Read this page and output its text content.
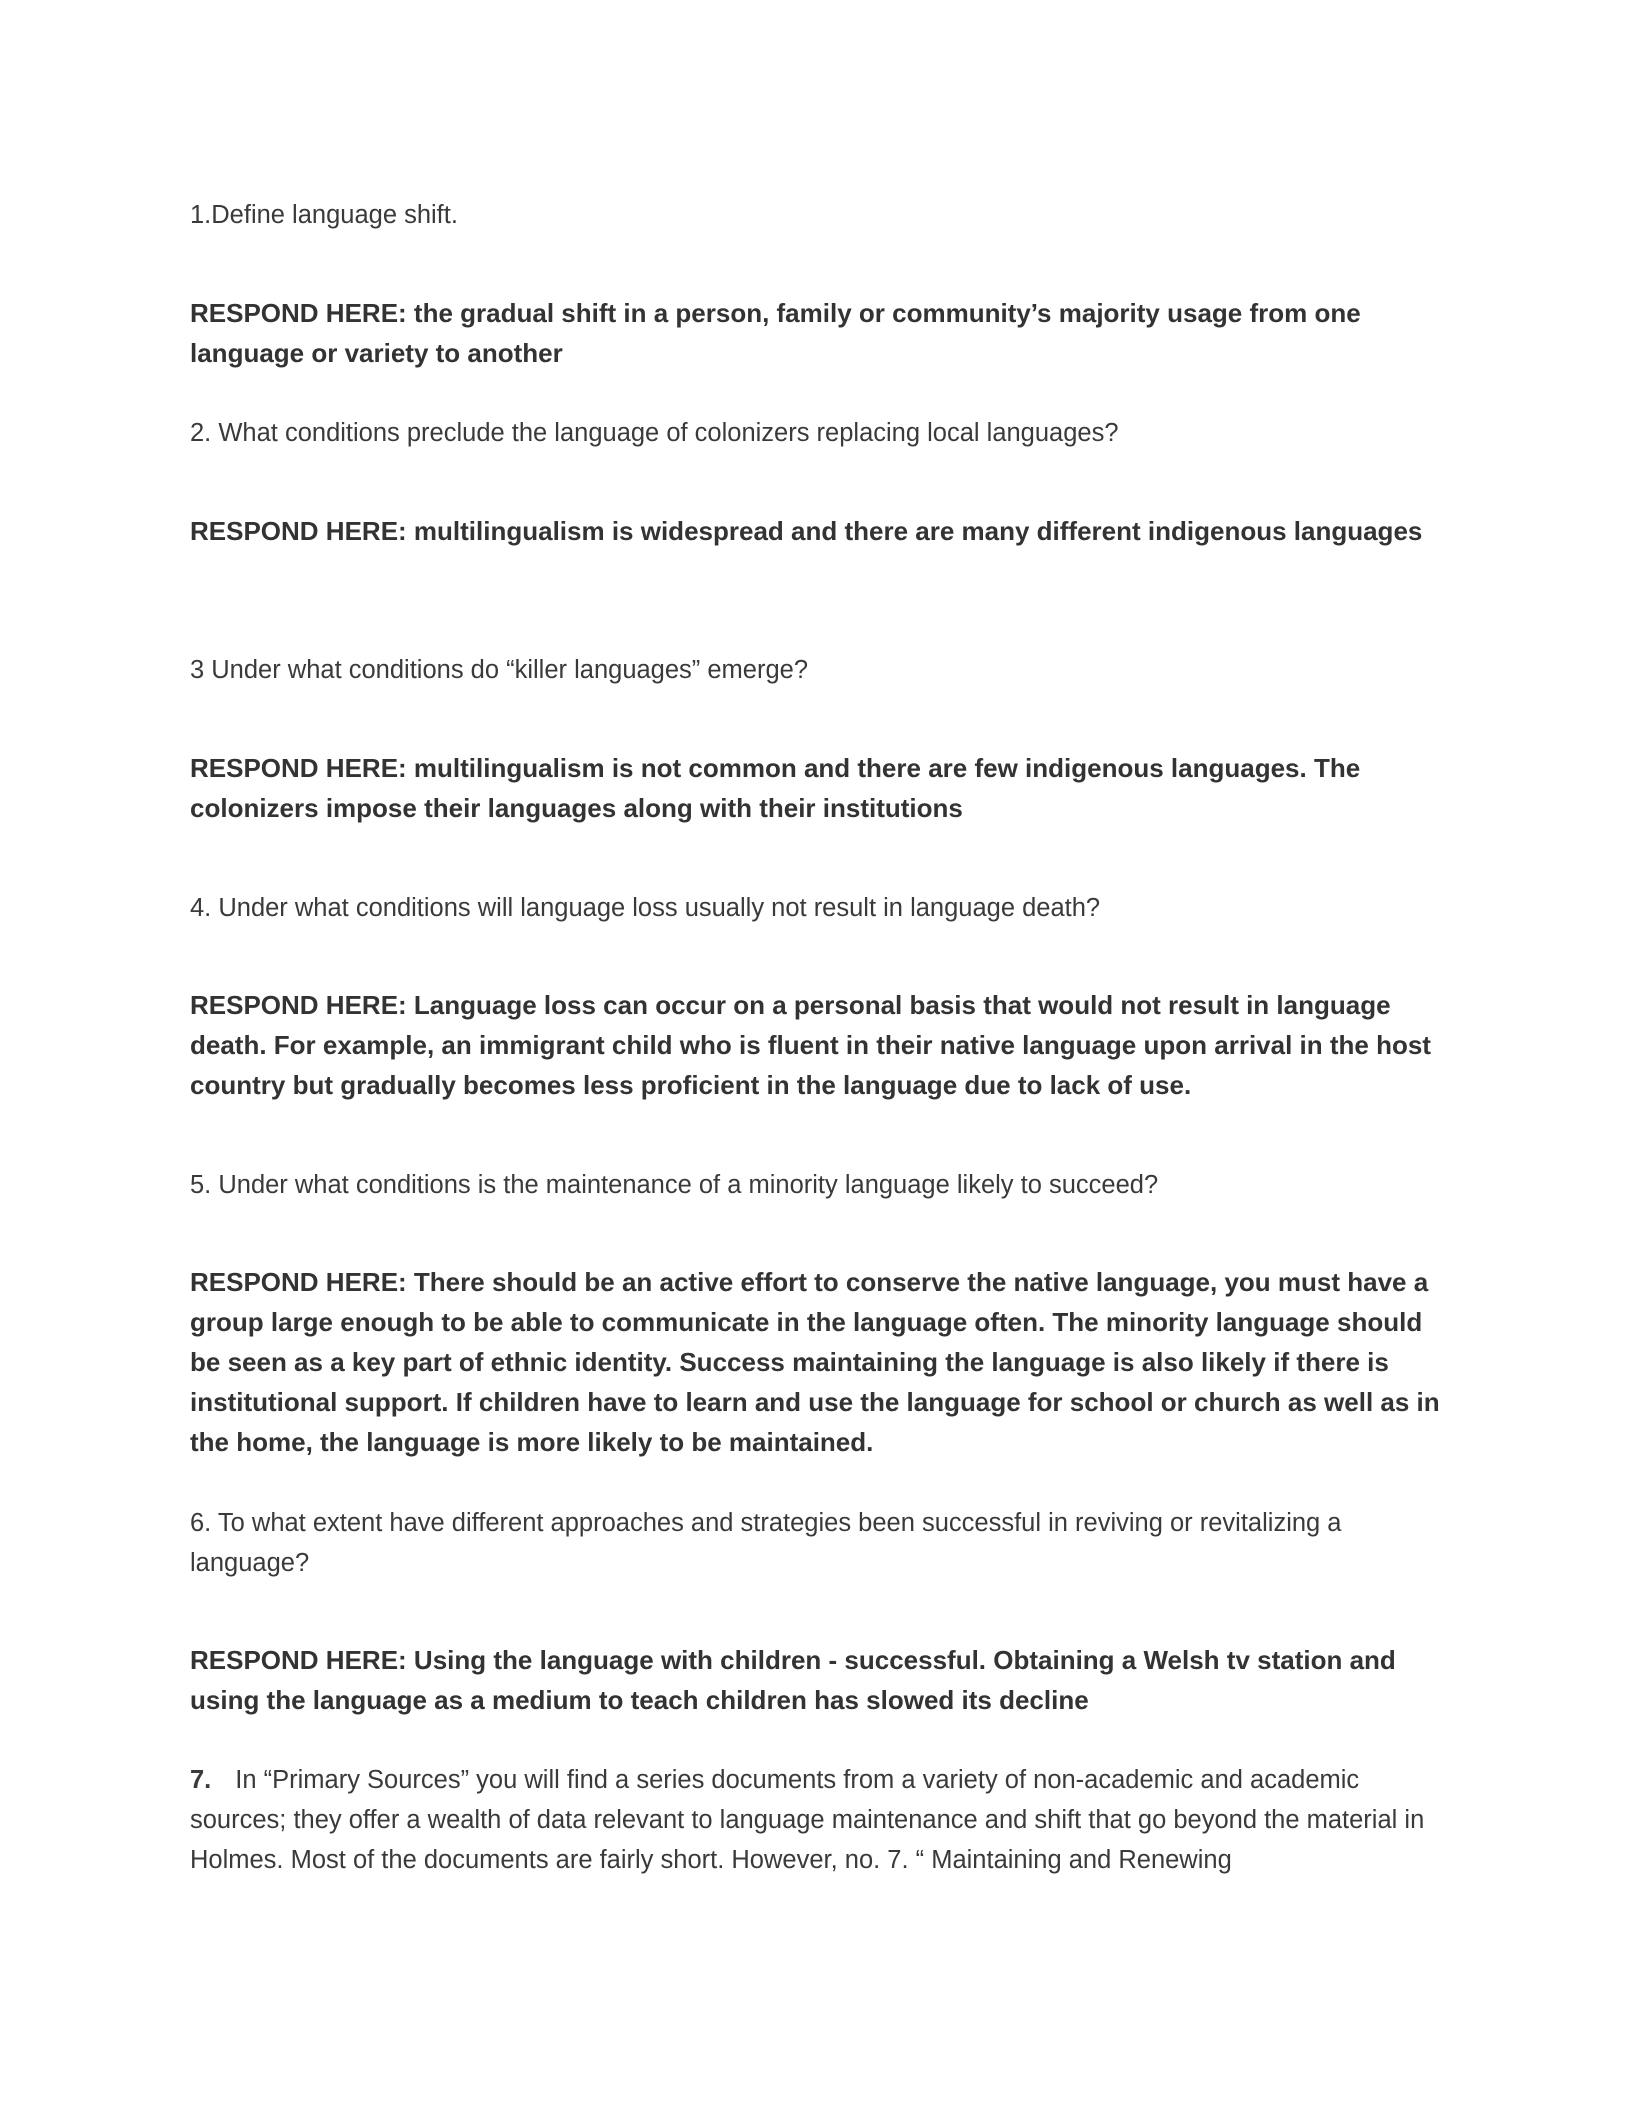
1.Define language shift.

RESPOND HERE: the gradual shift in a person, family or community’s majority usage from one language or variety to another

2. What conditions preclude the language of colonizers replacing local languages?

RESPOND HERE: multilingualism is widespread and there are many different indigenous languages

3 Under what conditions do “killer languages” emerge?

RESPOND HERE: multilingualism is not common and there are few indigenous languages. The colonizers impose their languages along with their institutions

4. Under what conditions will language loss usually not result in language death?

RESPOND HERE: Language loss can occur on a personal basis that would not result in language death. For example, an immigrant child who is fluent in their native language upon arrival in the host country but gradually becomes less proficient in the language due to lack of use.

5. Under what conditions is the maintenance of a minority language likely to succeed?

RESPOND HERE: There should be an active effort to conserve the native language, you must have a group large enough to be able to communicate in the language often. The minority language should be seen as a key part of ethnic identity. Success maintaining the language is also likely if there is institutional support. If children have to learn and use the language for school or church as well as in the home, the language is more likely to be maintained.

6. To what extent have different approaches and strategies been successful in reviving or revitalizing a language?

RESPOND HERE: Using the language with children - successful. Obtaining a Welsh tv station and using the language as a medium to teach children has slowed its decline

7. In “Primary Sources” you will find a series documents from a variety of non-academic and academic sources; they offer a wealth of data relevant to language maintenance and shift that go beyond the material in Holmes. Most of the documents are fairly short. However, no. 7. “ Maintaining and Renewing
